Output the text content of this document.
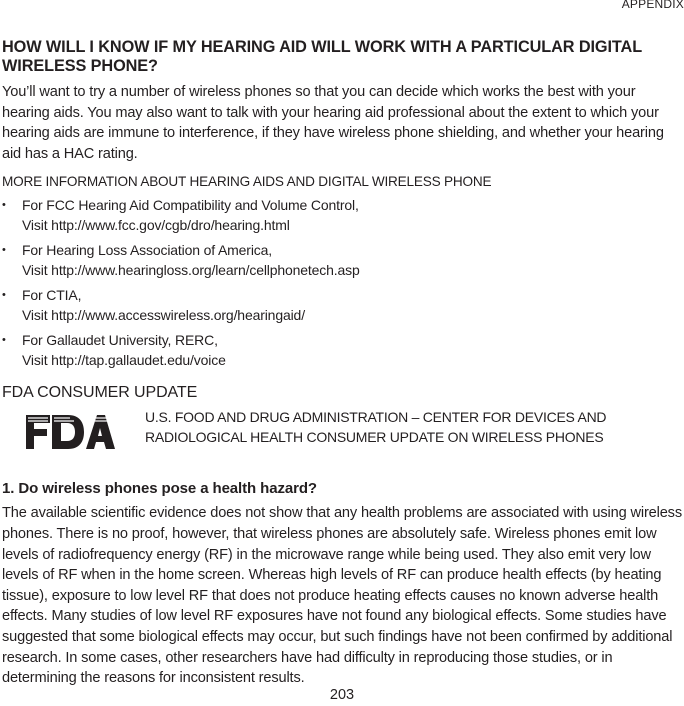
APPENDIX
HOW WILL I KNOW IF MY HEARING AID WILL WORK WITH A PARTICULAR DIGITAL WIRELESS PHONE?

You’ll want to try a number of wireless phones so that you can decide which works the best with your hearing aids. You may also want to talk with your hearing aid professional about the extent to which your hearing aids are immune to interference, if they have wireless phone shielding, and whether your hearing aid has a HAC rating.

MORE INFORMATION ABOUT HEARING AIDS AND DIGITAL WIRELESS PHONE

• For FCC Hearing Aid Compatibility and Volume Control,
Visit http://www.fcc.gov/cgb/dro/hearing.html
• For Hearing Loss Association of America,
Visit http://www.hearingloss.org/learn/cellphonetech.asp
• For CTIA,
Visit http://www.accesswireless.org/hearingaid/
• For Gallaudet University, RERC,
Visit http://tap.gallaudet.edu/voice
FDA CONSUMER UPDATE
U.S. FOOD AND DRUG ADMINISTRATION – CENTER FOR DEVICES AND
RADIOLOGICAL HEALTH CONSUMER UPDATE ON WIRELESS PHONES
1. Do wireless phones pose a health hazard?

The available scientific evidence does not show that any health problems are associated with using wireless phones. There is no proof, however, that wireless phones are absolutely safe. Wireless phones emit low levels of radiofrequency energy (RF) in the microwave range while being used. They also emit very low levels of RF when in the home screen. Whereas high levels of RF can produce health effects (by heating tissue), exposure to low level RF that does not produce heating effects causes no known adverse health effects. Many studies of low level RF exposures have not found any biological effects. Some studies have suggested that some biological effects may occur, but such findings have not been confirmed by additional research. In some cases, other researchers have had difficulty in reproducing those studies, or in determining the reasons for inconsistent results.

203
